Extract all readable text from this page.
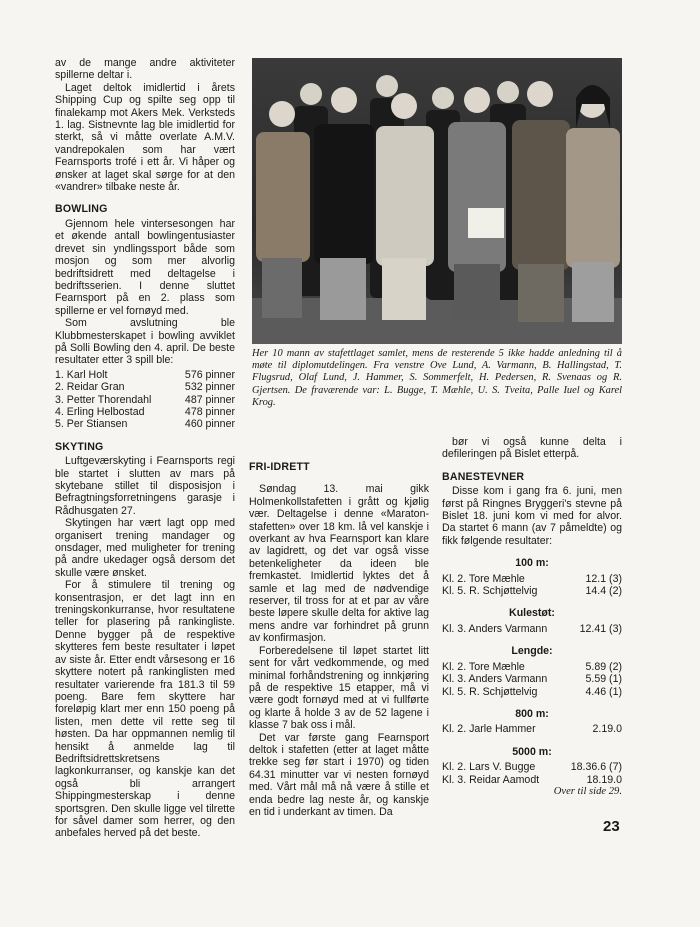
av de mange andre aktiviteter spillerne deltar i.

Laget deltok imidlertid i årets Shipping Cup og spilte seg opp til finalekamp mot Akers Mek. Verksteds 1. lag. Sistnevnte lag ble imidlertid for sterkt, så vi måtte overlate A.M.V. vandrepokalen som har vært Fearnsports trofé i ett år. Vi håper og ønsker at laget skal sørge for at den «vandrer» tilbake neste år.

BOWLING

Gjennom hele vintersesongen har et økende antall bowlingentusiaster drevet sin yndlingssport både som mosjon og som mer alvorlig bedriftsidrett med deltagelse i bedriftsserien. I denne sluttet Fearnsport på en 2. plass som spillerne er vel fornøyd med.

Som avslutning ble Klubbmesterskapet i bowling avviklet på Solli Bowling den 4. april. De beste resultater etter 3 spill ble:

1. Karl Holt	576 pinner
2. Reidar Gran	532 pinner
3. Petter Thorendahl	487 pinner
4. Erling Helbostad	478 pinner
5. Per Stiansen	460 pinner
SKYTING

Luftgeværskyting i Fearnsports regi ble startet i slutten av mars på skytebane stillet til disposisjon i Befragtningsforretningens garasje i Rådhusgaten 27.

Skytingen har vært lagt opp med organisert trening mandager og onsdager, med muligheter for trening på andre ukedager også dersom det skulle være ønsket.

For å stimulere til trening og konsentrasjon, er det lagt inn en treningskonkurranse, hvor resultatene teller for plasering på rankinglistе. Denne bygger på de respektive skytteres fem beste resultater i løpet av siste år. Etter endt vårsesong er 16 skyttere notert på rankinglisten med resultater varierende fra 181.3 til 59 poeng. Bare fem skyttere har foreløpig klart mer enn 150 poeng på listen, men dette vil rette seg til høsten. Da har oppmannen nemlig til hensikt å anmelde lag til Bedriftsidrettskretsens lagkonkurranser, og kanskje kan det også bli arrangert Shippingmesterskap i denne sportsgren. Den skulle ligge vel tilrette for såvel damer som herrer, og den anbefales herved på det beste.

Her 10 mann av stafettlaget samlet, mens de resterende 5 ikke hadde anledning til å møte til diplomutdelingen. Fra venstre Ove Lund, A. Varmann, B. Hallingstad, T. Flugsrud, Olaf Lund, J. Hammer, S. Sommerfelt, H. Pedersen, R. Svenaas og R. Gjertsen. De fraværende var: L. Bugge, T. Mæhle, U. S. Tveita, Palle Iuel og Karel Krog.
FRI-IDRETT

Søndag 13. mai gikk Holmenkollstafetten i grått og kjølig vær. Deltagelse i denne «Maraton-stafetten» over 18 km. lå vel kanskje i overkant av hva Fearnsport kan klare av lagidrett, og det var også visse betenkeligheter da ideen ble fremkastet. Imidlertid lyktes det å samle et lag med de nødvendige reserver, til tross for at et par av våre beste løpere skulle delta for aktive lag mens andre var forhindret på grunn av konfirmasjon.

Forberedelsene til løpet startet litt sent for vårt vedkommende, og med minimal forhåndstrening og innkjøring på de respektive 15 etapper, må vi være godt fornøyd med at vi fullførte og klarte å holde 3 av de 52 lagene i klasse 7 bak oss i mål.

Det var første gang Fearnsport deltok i stafetten (etter at laget måtte trekke seg før start i 1970) og tiden 64.31 minutter var vi nesten fornøyd med. Vårt mål må nå være å stille et enda bedre lag neste år, og kanskje en tid i underkant av timen. Da

bør vi også kunne delta i defileringen på Bislet etterpå.

BANESTEVNER

Disse kom i gang fra 6. juni, men først på Ringnes Bryggeri's stevne på Bislet 18. juni kom vi med for alvor. Da startet 6 mann (av 7 påmeldte) og fikk følgende resultater:

100 m:
Kl. 2. Tore Mæhle	12.1 (3)
Kl. 5. R. Schjøttelvig	14.4 (2)
Kulestøt:
Kl. 3. Anders Varmann	12.41 (3)
Lengde:
Kl. 2. Tore Mæhle	5.89 (2)
Kl. 3. Anders Varmann	5.59 (1)
Kl. 5. R. Schjøttelvig	4.46 (1)
800 m:
Kl. 2. Jarle Hammer	2.19.0
5000 m:
Kl. 2. Lars V. Bugge	18.36.6 (7)
Kl. 3. Reidar Aamodt	18.19.0
Over til side 29.
23
